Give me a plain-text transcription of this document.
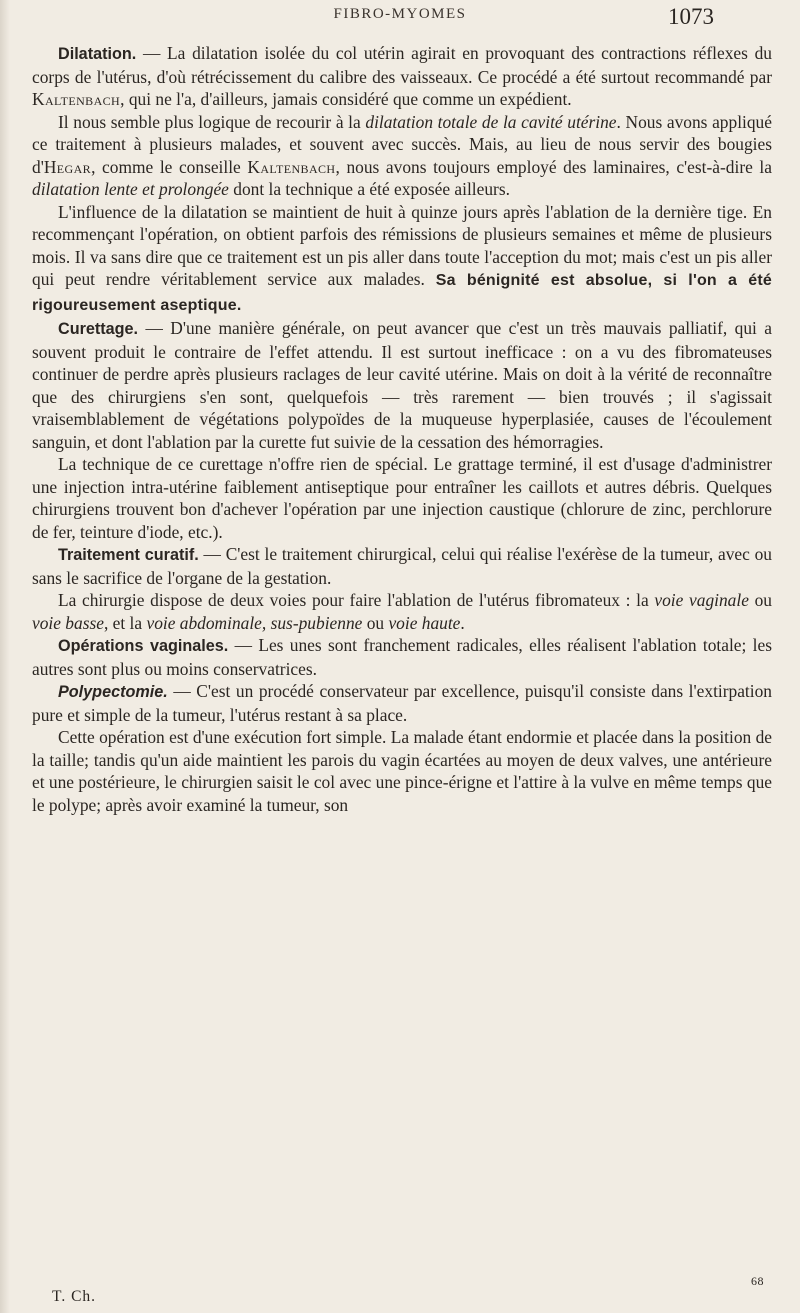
FIBRO-MYOMES	1073

Dilatation. — La dilatation isolée du col utérin agirait en provoquant des contractions réflexes du corps de l'utérus, d'où rétrécissement du calibre des vaisseaux. Ce procédé a été surtout recommandé par Kaltenbach, qui ne l'a, d'ailleurs, jamais considéré que comme un expédient.

Il nous semble plus logique de recourir à la dilatation totale de la cavité utérine. Nous avons appliqué ce traitement à plusieurs malades, et souvent avec succès. Mais, au lieu de nous servir des bougies d'Hegar, comme le conseille Kaltenbach, nous avons toujours employé des laminaires, c'est-à-dire la dilatation lente et prolongée dont la technique a été exposée ailleurs.

L'influence de la dilatation se maintient de huit à quinze jours après l'ablation de la dernière tige. En recommençant l'opération, on obtient parfois des rémissions de plusieurs semaines et même de plusieurs mois. Il va sans dire que ce traitement est un pis aller dans toute l'acception du mot; mais c'est un pis aller qui peut rendre véritablement service aux malades. Sa bénignité est absolue, si l'on a été rigoureusement aseptique.

Curettage. — D'une manière générale, on peut avancer que c'est un très mauvais palliatif, qui a souvent produit le contraire de l'effet attendu. Il est surtout inefficace : on a vu des fibromateuses continuer de perdre après plusieurs raclages de leur cavité utérine. Mais on doit à la vérité de reconnaître que des chirurgiens s'en sont, quelquefois — très rarement — bien trouvés ; il s'agissait vraisemblablement de végétations polypoïdes de la muqueuse hyperplasiée, causes de l'écoulement sanguin, et dont l'ablation par la curette fut suivie de la cessation des hémorragies.

La technique de ce curettage n'offre rien de spécial. Le grattage terminé, il est d'usage d'administrer une injection intra-utérine faiblement antiseptique pour entraîner les caillots et autres débris. Quelques chirurgiens trouvent bon d'achever l'opération par une injection caustique (chlorure de zinc, perchlorure de fer, teinture d'iode, etc.).

Traitement curatif. — C'est le traitement chirurgical, celui qui réalise l'exérèse de la tumeur, avec ou sans le sacrifice de l'organe de la gestation.

La chirurgie dispose de deux voies pour faire l'ablation de l'utérus fibromateux : la voie vaginale ou voie basse, et la voie abdominale, sus-pubienne ou voie haute.

Opérations vaginales. — Les unes sont franchement radicales, elles réalisent l'ablation totale; les autres sont plus ou moins conservatrices.

Polypectomie. — C'est un procédé conservateur par excellence, puisqu'il consiste dans l'extirpation pure et simple de la tumeur, l'utérus restant à sa place.

Cette opération est d'une exécution fort simple. La malade étant endormie et placée dans la position de la taille; tandis qu'un aide maintient les parois du vagin écartées au moyen de deux valves, une antérieure et une postérieure, le chirurgien saisit le col avec une pince-érigne et l'attire à la vulve en même temps que le polype; après avoir examiné la tumeur, son

T. Ch.
68
